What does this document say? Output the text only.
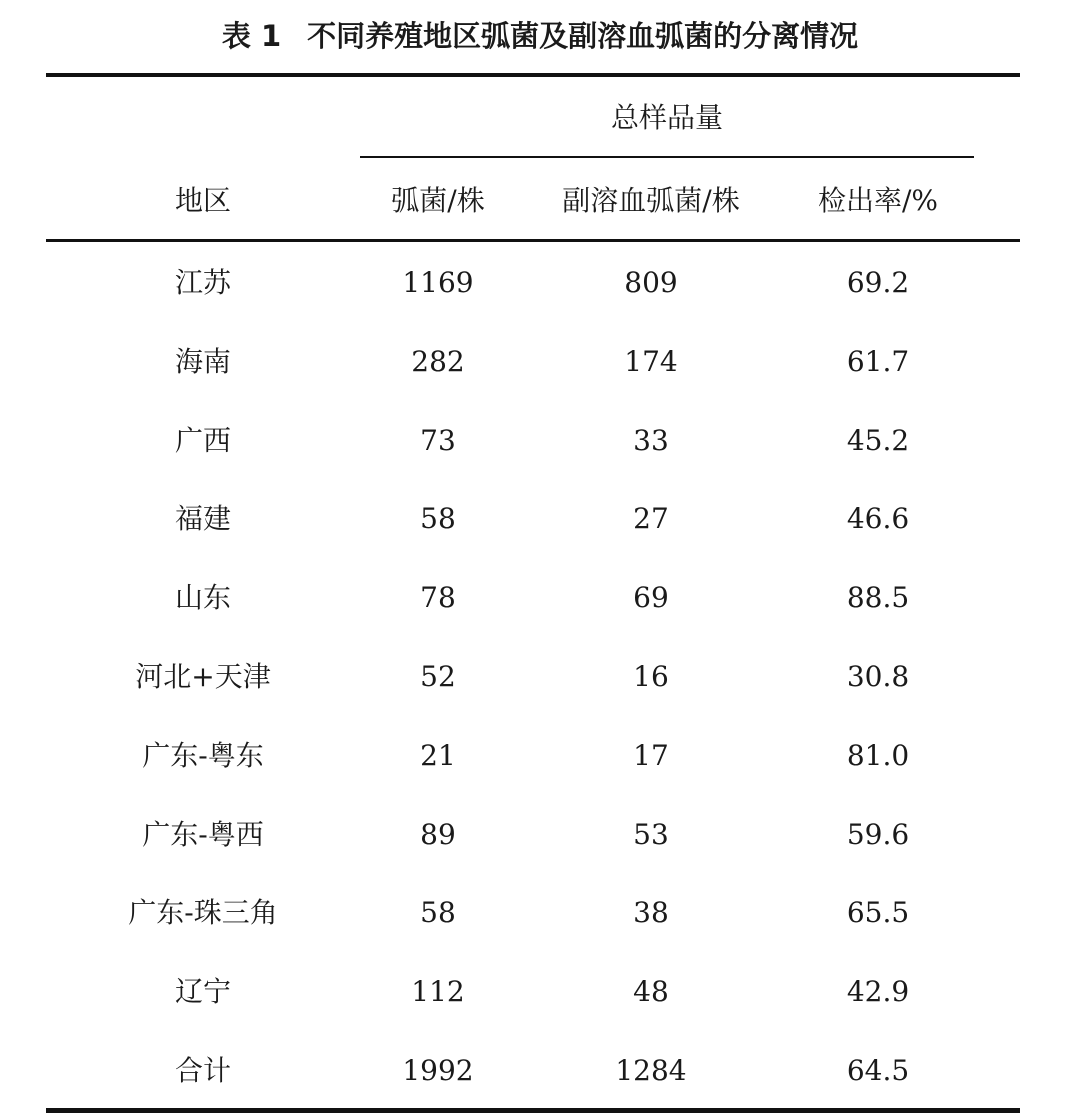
表 1 不同养殖地区弧菌及副溶血弧菌的分离情况
总样品量
地区	弧菌/株	副溶血弧菌/株	检出率/%
江苏	1169	809	69.2
海南	282	174	61.7
广西	73	33	45.2
福建	58	27	46.6
山东	78	69	88.5
河北+天津	52	16	30.8
广东-粤东	21	17	81.0
广东-粤西	89	53	59.6
广东-珠三角	58	38	65.5
辽宁	112	48	42.9
合计	1992	1284	64.5
